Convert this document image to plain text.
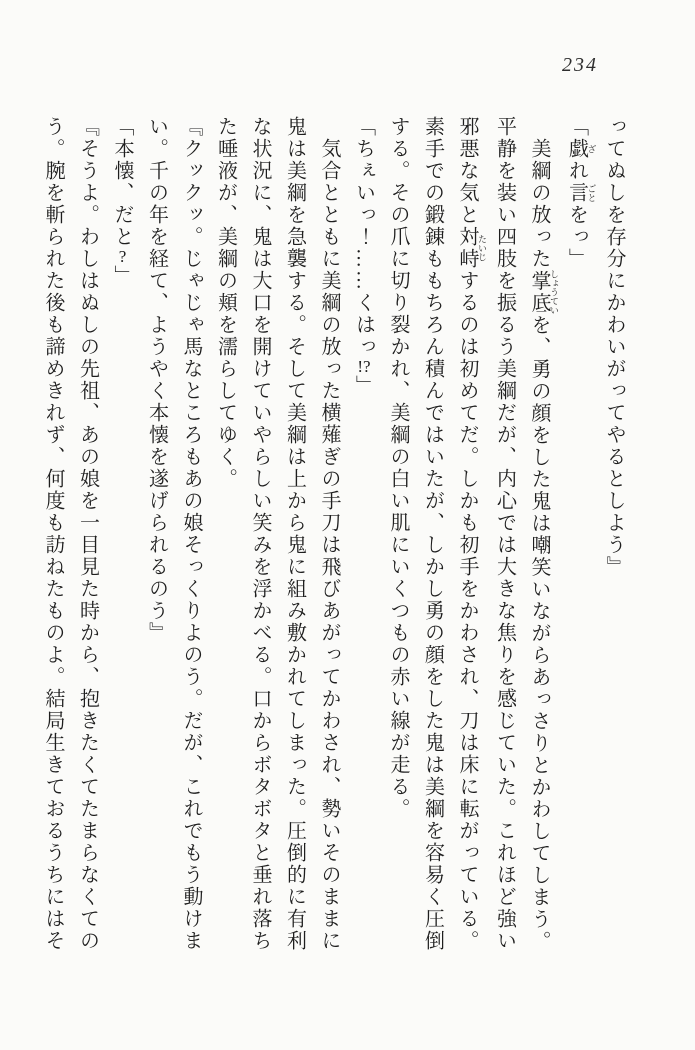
234

ってぬしを存分にかわいがってやるとしよう』

「戯 ざれ言 ごとをっ」

美綱の放った掌底 しょうていを、勇の顔をした鬼は嘲笑いながらあっさりとかわしてしまう。

平静を装い四肢を振るう美綱だが、内心では大きな焦りを感じていた。これほど強い

邪悪な気と対峙 たいじするのは初めてだ。しかも初手をかわされ、刀は床に転がっている。

素手での鍛錬ももちろん積んではいたが、しかし勇の顔をした鬼は美綱を容易く圧倒

する。その爪に切り裂かれ、美綱の白い肌にいくつもの赤い線が走る。

「ちぇいっ！……くはっ!?」

気合とともに美綱の放った横薙ぎの手刀は飛びあがってかわされ、勢いそのままに

鬼は美綱を急襲する。そして美綱は上から鬼に組み敷かれてしまった。圧倒的に有利

な状況に、鬼は大口を開けていやらしい笑みを浮かべる。口からボタボタと垂れ落ち

た唾液が、美綱の頬を濡らしてゆく。

『クックッ。じゃじゃ馬なところもあの娘そっくりよのう。だが、これでもう動けま

い。千の年を経て、ようやく本懐を遂げられるのう』

「本懐、だと?」

『そうよ。わしはぬしの先祖、あの娘を一目見た時から、抱きたくてたまらなくての

う。腕を斬られた後も諦めきれず、何度も訪ねたものよ。結局生きておるうちにはそ
